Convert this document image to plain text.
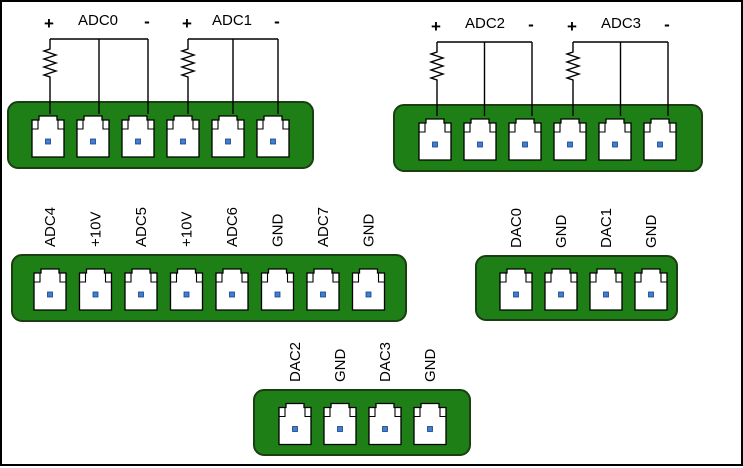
ADC4 +10V ADC5 +10V ADC6 GND ADC7 GND	DAC0 GND DAC1 GND
DAC2 GND DAC3 GND
+ ADC0 - + ADC1 -	+ ADC2 - + ADC3 -
